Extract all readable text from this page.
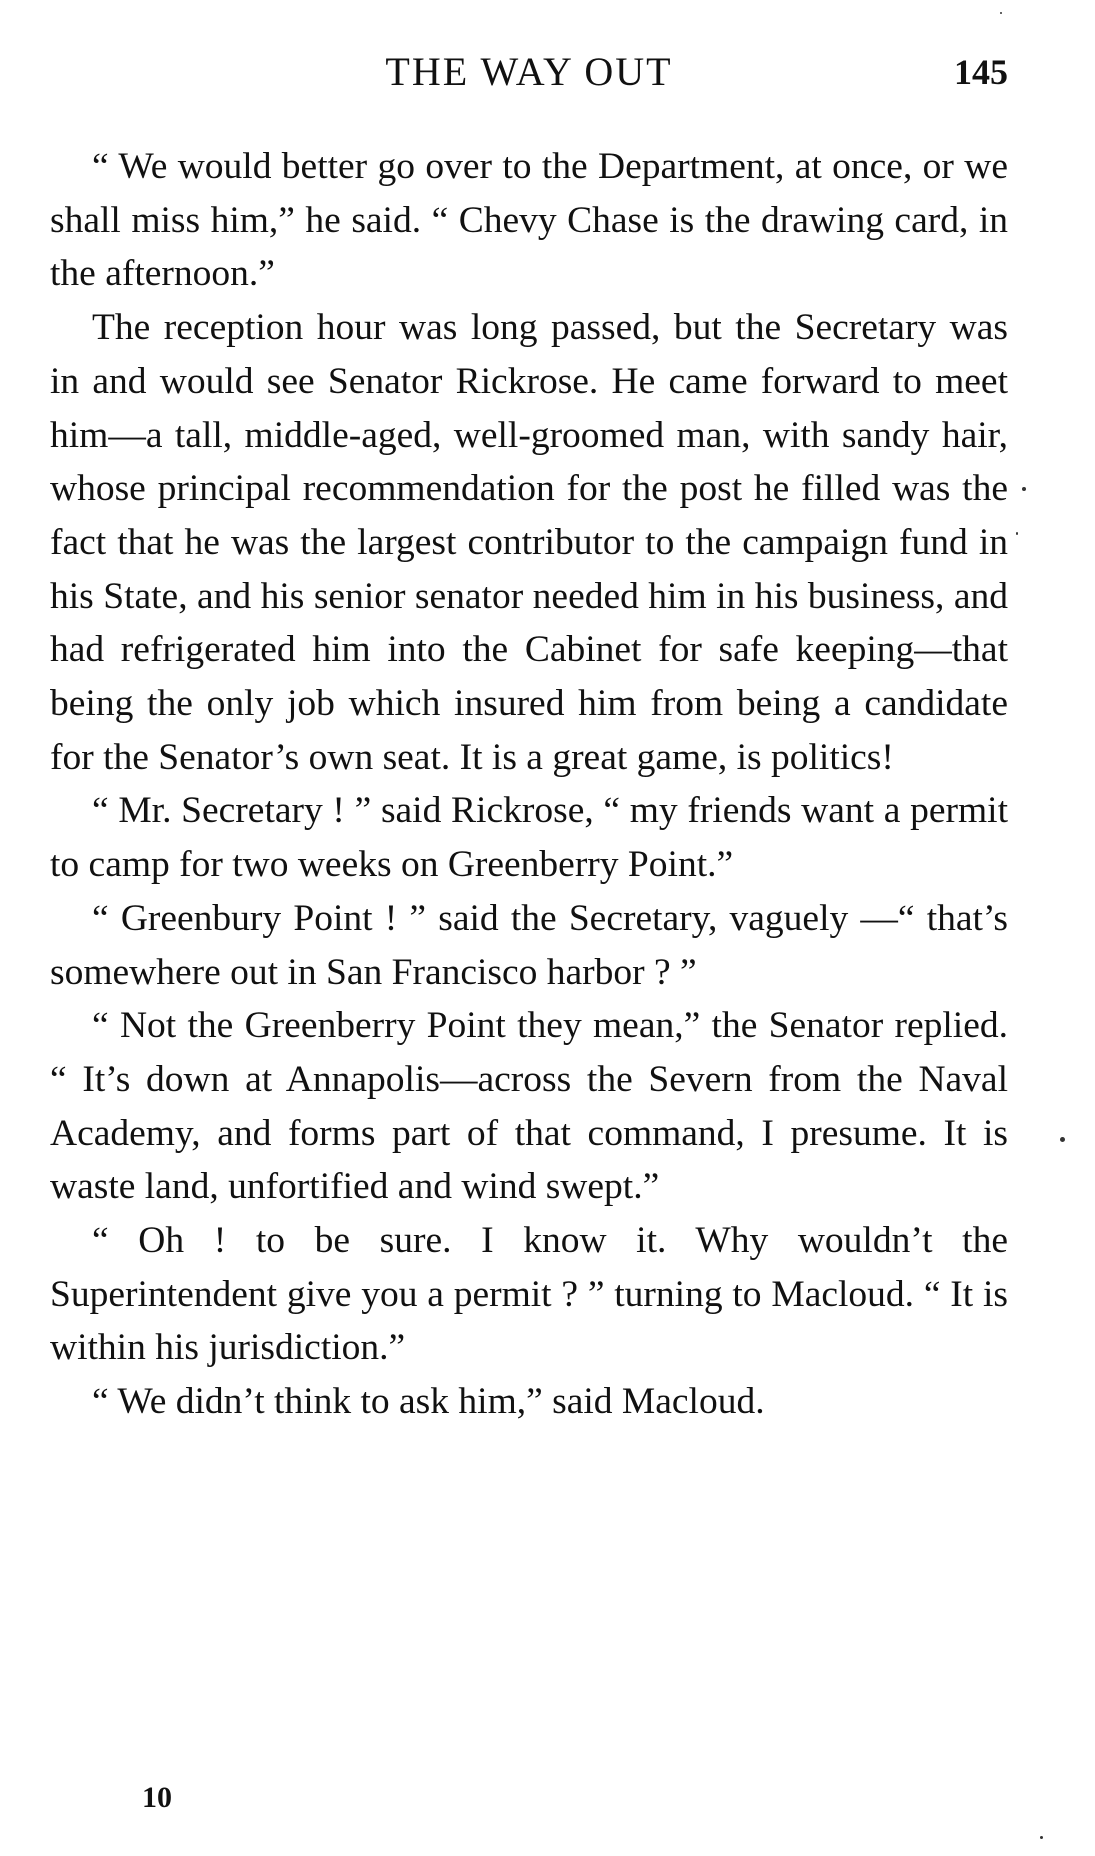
THE WAY OUT	145

“ We would better go over to the Department, at once, or we shall miss him,” he said. “ Chevy Chase is the drawing card, in the afternoon.”

The reception hour was long passed, but the Secretary was in and would see Senator Rickrose. He came forward to meet him—a tall, middle-aged, well-groomed man, with sandy hair, whose principal recommendation for the post he filled was the fact that he was the largest contributor to the campaign fund in his State, and his senior senator needed him in his business, and had refrigerated him into the Cabinet for safe keeping—that being the only job which insured him from being a candidate for the Senator’s own seat. It is a great game, is politics!

“ Mr. Secretary ! ” said Rickrose, “ my friends want a permit to camp for two weeks on Greenberry Point.”

“ Greenbury Point ! ” said the Secretary, vaguely —“ that’s somewhere out in San Francisco harbor ? ”

“ Not the Greenberry Point they mean,” the Senator replied. “ It’s down at Annapolis—across the Severn from the Naval Academy, and forms part of that command, I presume. It is waste land, unfortified and wind swept.”

“ Oh ! to be sure. I know it. Why wouldn’t the Superintendent give you a permit ? ” turning to Macloud. “ It is within his jurisdiction.”

“ We didn’t think to ask him,” said Macloud.

10
